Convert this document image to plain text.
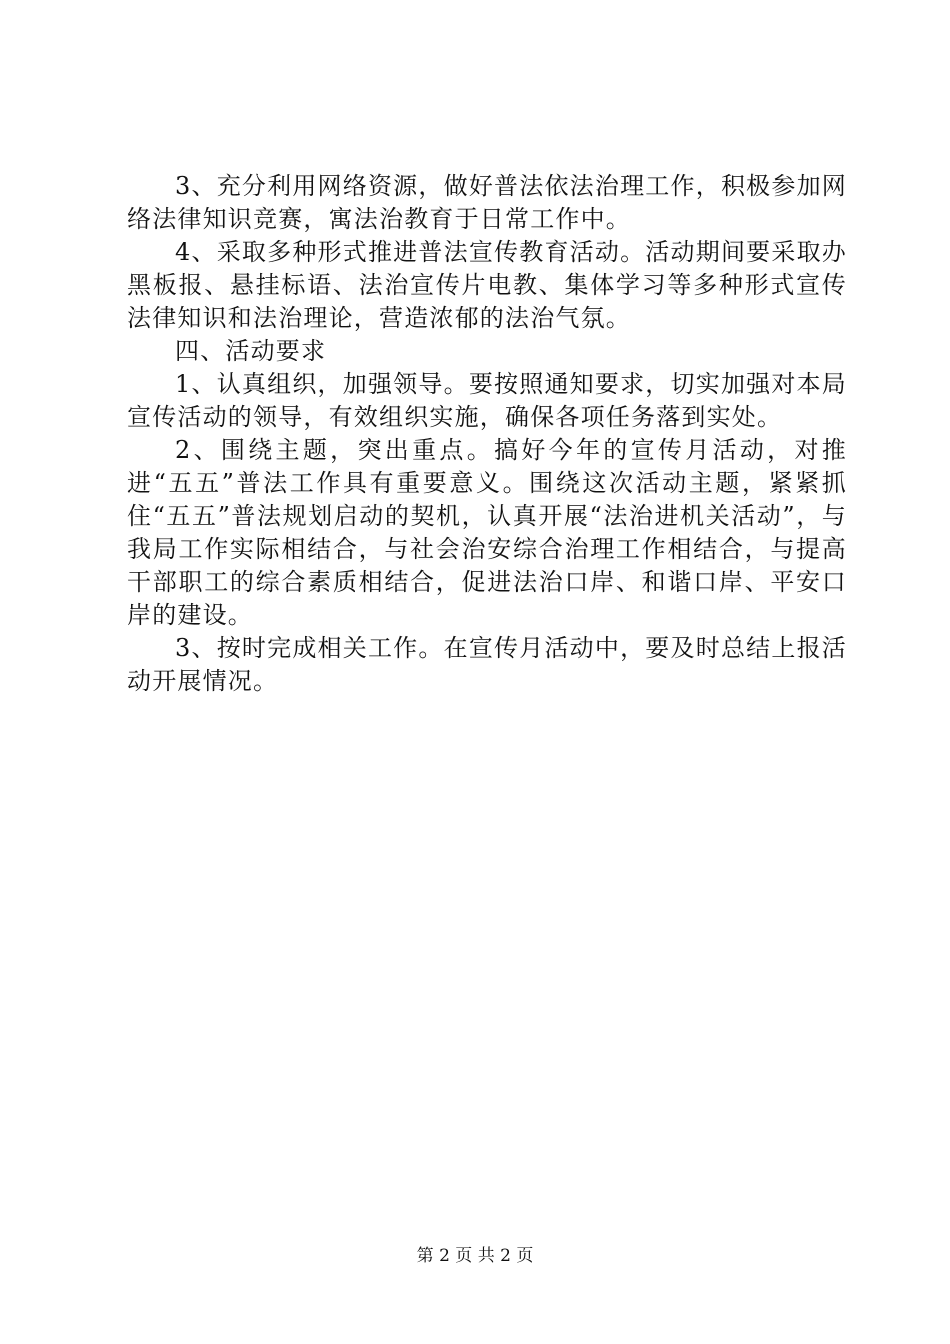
3、充分利用网络资源，做好普法依法治理工作，积极参加网络法律知识竞赛，寓法治教育于日常工作中。

4、采取多种形式推进普法宣传教育活动。活动期间要采取办黑板报、悬挂标语、法治宣传片电教、集体学习等多种形式宣传法律知识和法治理论，营造浓郁的法治气氛。

四、活动要求

1、认真组织，加强领导。要按照通知要求，切实加强对本局宣传活动的领导，有效组织实施，确保各项任务落到实处。

2、围绕主题，突出重点。搞好今年的宣传月活动，对推进“五五”普法工作具有重要意义。围绕这次活动主题，紧紧抓住“五五”普法规划启动的契机，认真开展“法治进机关活动”，与我局工作实际相结合，与社会治安综合治理工作相结合，与提高干部职工的综合素质相结合，促进法治口岸、和谐口岸、平安口岸的建设。

3、按时完成相关工作。在宣传月活动中，要及时总结上报活动开展情况。

第 2 页 共 2 页
